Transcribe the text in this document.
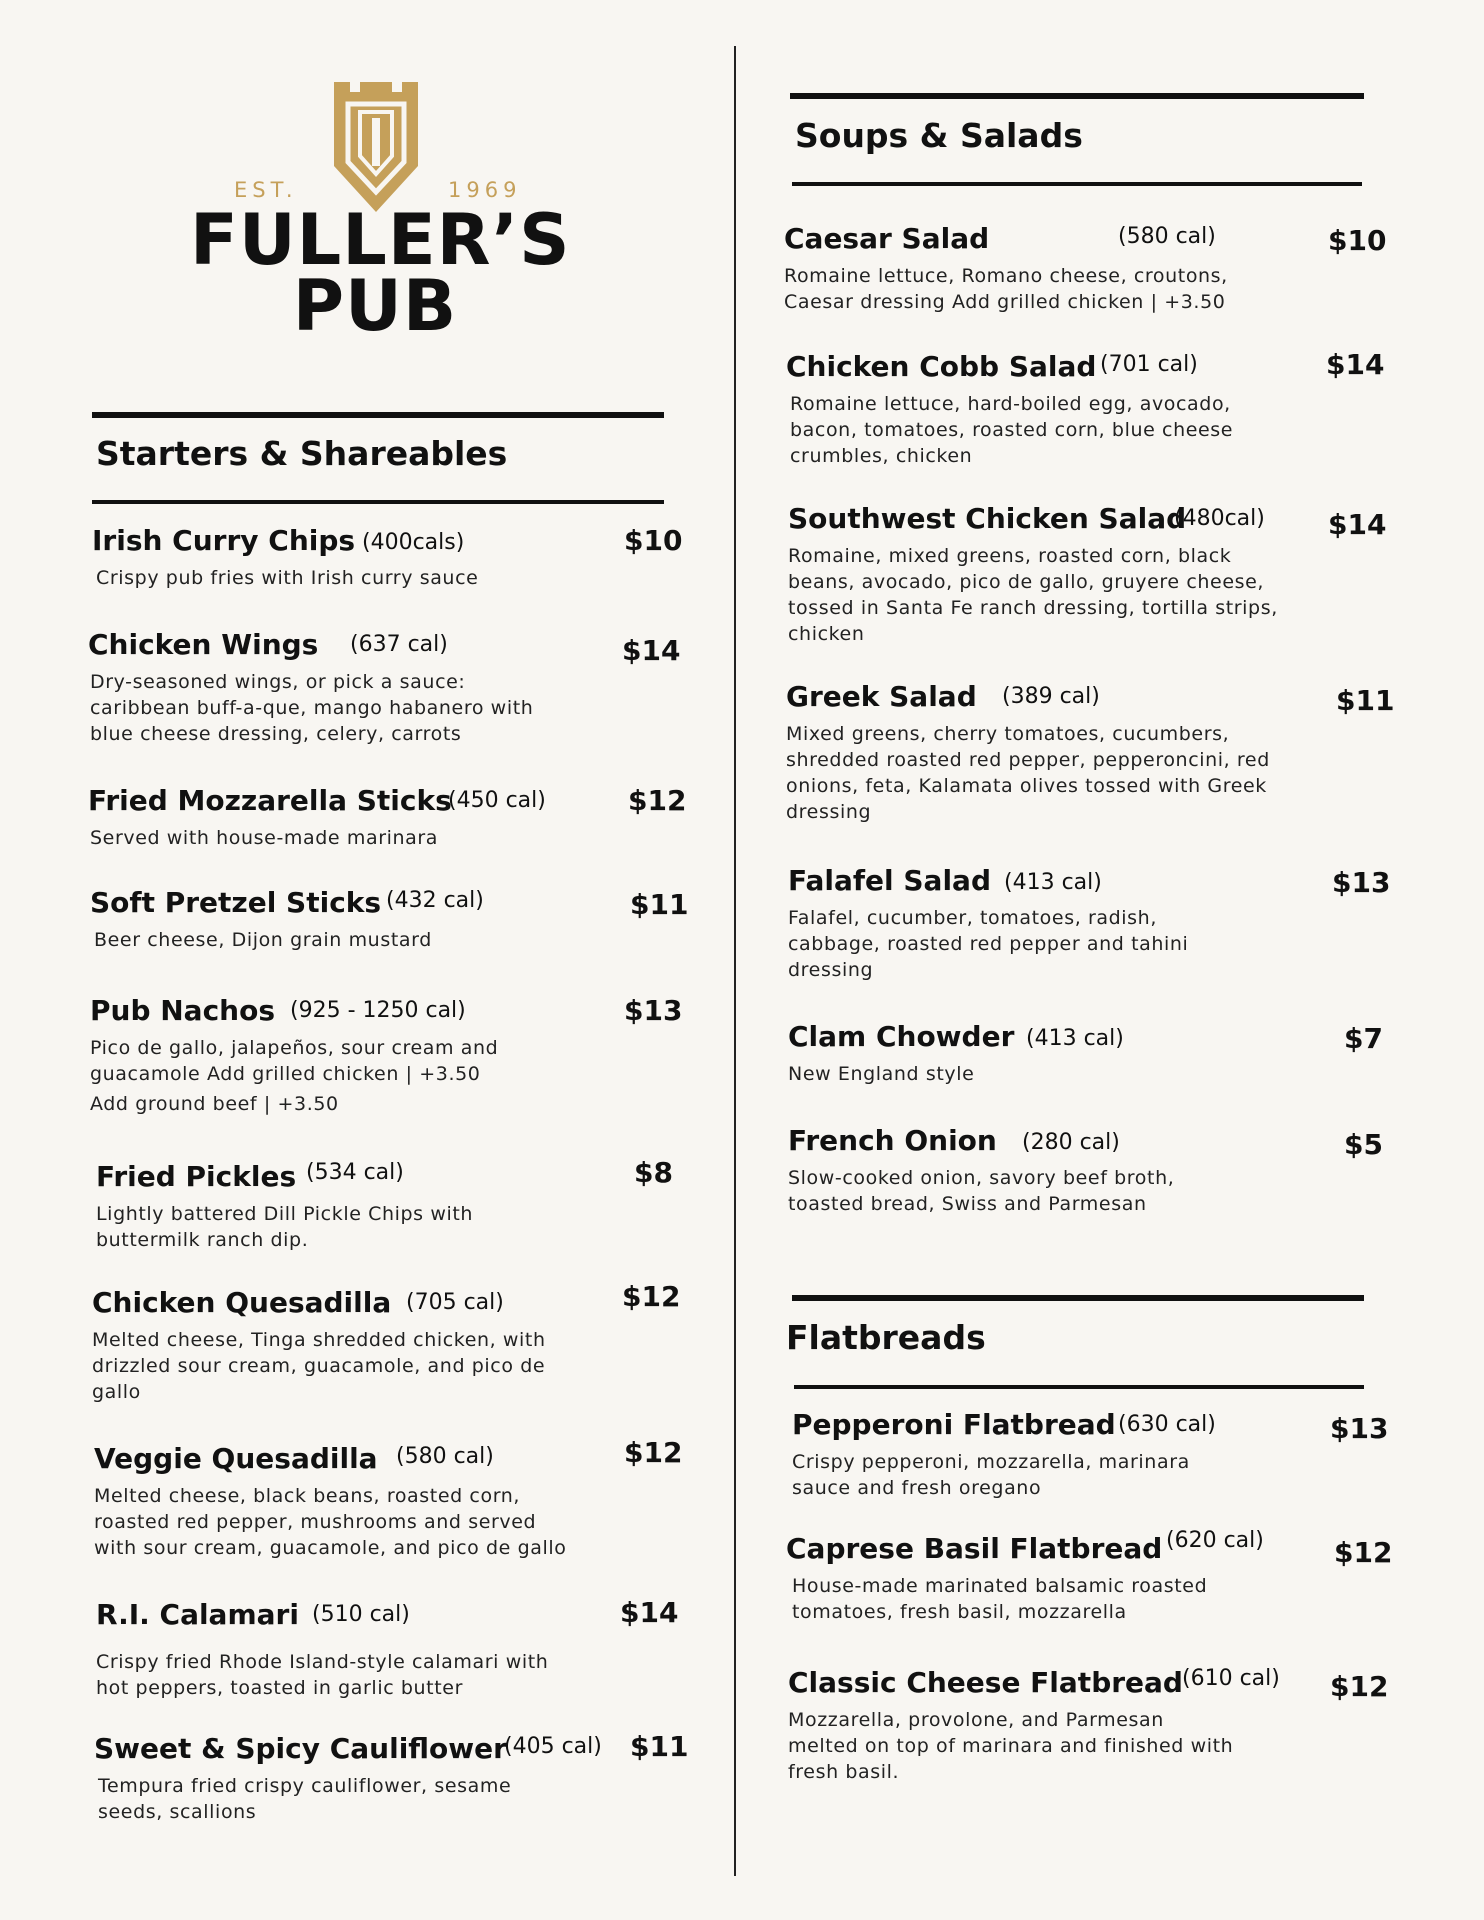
EST.	1969
FULLER’S
PUB
Starters & Shareables
Irish Curry Chips (400cals)	$10
Crispy pub fries with Irish curry sauce
Chicken Wings	(637 cal)	$14
Dry-seasoned wings, or pick a sauce: caribbean buff-a-que, mango habanero with blue cheese dressing, celery, carrots
Fried Mozzarella Sticks
(450 cal)	$12
Served with house-made marinara
Soft Pretzel Sticks (432 cal)	$11
Beer cheese, Dijon grain mustard
Pub Nachos (925 - 1250 cal)	$13
Pico de gallo, jalapeños, sour cream and guacamole Add grilled chicken | +3.50
Add ground beef | +3.50
Fried Pickles (534 cal)	$8
Lightly battered Dill Pickle Chips with buttermilk ranch dip.
Chicken Quesadilla (705 cal)	$12
Melted cheese, Tinga shredded chicken, with drizzled sour cream, guacamole, and pico de gallo
Veggie Quesadilla (580 cal)	$12
Melted cheese, black beans, roasted corn, roasted red pepper, mushrooms and served with sour cream, guacamole, and pico de gallo
R.I. Calamari (510 cal)	$14
Crispy fried Rhode Island-style calamari with hot peppers, toasted in garlic butter
Sweet & Spicy Cauliflower
(405 cal) $11
Tempura fried crispy cauliflower, sesame seeds, scallions
Soups & Salads
Caesar Salad	(580 cal)	$10
Romaine lettuce, Romano cheese, croutons, Caesar dressing Add grilled chicken | +3.50
Chicken Cobb Salad (701 cal)	$14
Romaine lettuce, hard-boiled egg, avocado, bacon, tomatoes, roasted corn, blue cheese crumbles, chicken
Southwest Chicken Salad
(480cal) $14
Romaine, mixed greens, roasted corn, black beans, avocado, pico de gallo, gruyere cheese, tossed in Santa Fe ranch dressing, tortilla strips, chicken
Greek Salad	(389 cal)	$11
Mixed greens, cherry tomatoes, cucumbers, shredded roasted red pepper, pepperoncini, red onions, feta, Kalamata olives tossed with Greek dressing
Falafel Salad (413 cal)	$13
Falafel, cucumber, tomatoes, radish, cabbage, roasted red pepper and tahini dressing
Clam Chowder (413 cal)	$7
New England style
French Onion	(280 cal)	$5
Slow-cooked onion, savory beef broth, toasted bread, Swiss and Parmesan
Flatbreads
Pepperoni Flatbread (630 cal)	$13
Crispy pepperoni, mozzarella, marinara sauce and fresh oregano
Caprese Basil Flatbread (620 cal)	$12
House-made marinated balsamic roasted tomatoes, fresh basil, mozzarella
Classic Cheese Flatbread (610 cal) $12
Mozzarella, provolone, and Parmesan melted on top of marinara and finished with fresh basil.
